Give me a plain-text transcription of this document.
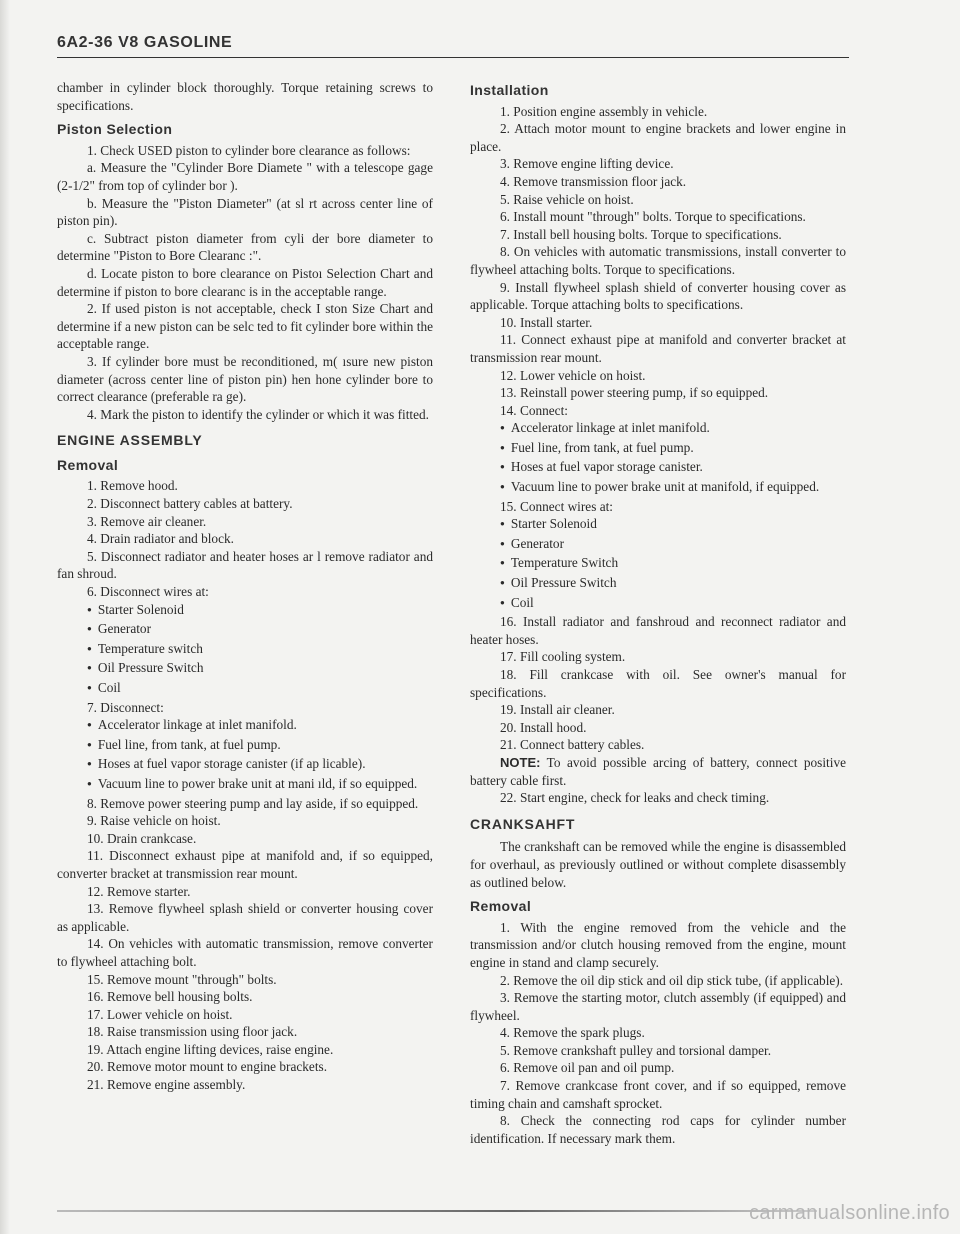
6A2-36 V8 GASOLINE

chamber in cylinder block thoroughly. Torque retaining screws to specifications.

Piston Selection

1. Check USED piston to cylinder bore clearance as follows:

a. Measure the "Cylinder Bore Diamete " with a telescope gage (2-1/2" from top of cylinder bor ).

b. Measure the "Piston Diameter" (at sl rt across center line of piston pin).

c. Subtract piston diameter from cyli der bore diameter to determine "Piston to Bore Clearanc :".

d. Locate piston to bore clearance on Pistoı Selection Chart and determine if piston to bore clearanc is in the acceptable range.

2. If used piston is not acceptable, check I ston Size Chart and determine if a new piston can be selc ted to fit cylinder bore within the acceptable range.

3. If cylinder bore must be reconditioned, m( ısure new piston diameter (across center line of piston pin) hen hone cylinder bore to correct clearance (preferable ra ge).

4. Mark the piston to identify the cylinder or which it was fitted.

ENGINE ASSEMBLY
Removal

1. Remove hood.

2. Disconnect battery cables at battery.

3. Remove air cleaner.

4. Drain radiator and block.

5. Disconnect radiator and heater hoses ar l remove radiator and fan shroud.

6. Disconnect wires at:

● Starter Solenoid

● Generator

● Temperature switch

● Oil Pressure Switch

● Coil

7. Disconnect:

● Accelerator linkage at inlet manifold.

● Fuel line, from tank, at fuel pump.

● Hoses at fuel vapor storage canister (if ap licable).

● Vacuum line to power brake unit at mani ıld, if so equipped.

8. Remove power steering pump and lay aside, if so equipped.

9. Raise vehicle on hoist.

10. Drain crankcase.

11. Disconnect exhaust pipe at manifold and, if so equipped, converter bracket at transmission rear mount.

12. Remove starter.

13. Remove flywheel splash shield or converter housing cover as applicable.

14. On vehicles with automatic transmission, remove converter to flywheel attaching bolt.

15. Remove mount "through" bolts.

16. Remove bell housing bolts.

17. Lower vehicle on hoist.

18. Raise transmission using floor jack.

19. Attach engine lifting devices, raise engine.

20. Remove motor mount to engine brackets.

21. Remove engine assembly.

Installation

1. Position engine assembly in vehicle.

2. Attach motor mount to engine brackets and lower engine in place.

3. Remove engine lifting device.

4. Remove transmission floor jack.

5. Raise vehicle on hoist.

6. Install mount "through" bolts. Torque to specifications.

7. Install bell housing bolts. Torque to specifications.

8. On vehicles with automatic transmissions, install converter to flywheel attaching bolts. Torque to specifications.

9. Install flywheel splash shield of converter housing cover as applicable. Torque attaching bolts to specifications.

10. Install starter.

11. Connect exhaust pipe at manifold and converter bracket at transmission rear mount.

12. Lower vehicle on hoist.

13. Reinstall power steering pump, if so equipped.

14. Connect:

● Accelerator linkage at inlet manifold.

● Fuel line, from tank, at fuel pump.

● Hoses at fuel vapor storage canister.

● Vacuum line to power brake unit at manifold, if equipped.

15. Connect wires at:

● Starter Solenoid

● Generator

● Temperature Switch

● Oil Pressure Switch

● Coil

16. Install radiator and fanshroud and reconnect radiator and heater hoses.

17. Fill cooling system.

18. Fill crankcase with oil. See owner's manual for specifications.

19. Install air cleaner.

20. Install hood.

21. Connect battery cables.

NOTE: To avoid possible arcing of battery, connect positive battery cable first.

22. Start engine, check for leaks and check timing.

CRANKSAHFT

The crankshaft can be removed while the engine is disassembled for overhaul, as previously outlined or without complete disassembly as outlined below.

Removal

1. With the engine removed from the vehicle and the transmission and/or clutch housing removed from the engine, mount engine in stand and clamp securely.

2. Remove the oil dip stick and oil dip stick tube, (if applicable).

3. Remove the starting motor, clutch assembly (if equipped) and flywheel.

4. Remove the spark plugs.

5. Remove crankshaft pulley and torsional damper.

6. Remove oil pan and oil pump.

7. Remove crankcase front cover, and if so equipped, remove timing chain and camshaft sprocket.

8. Check the connecting rod caps for cylinder number identification. If necessary mark them.

carmanualsonline.info
